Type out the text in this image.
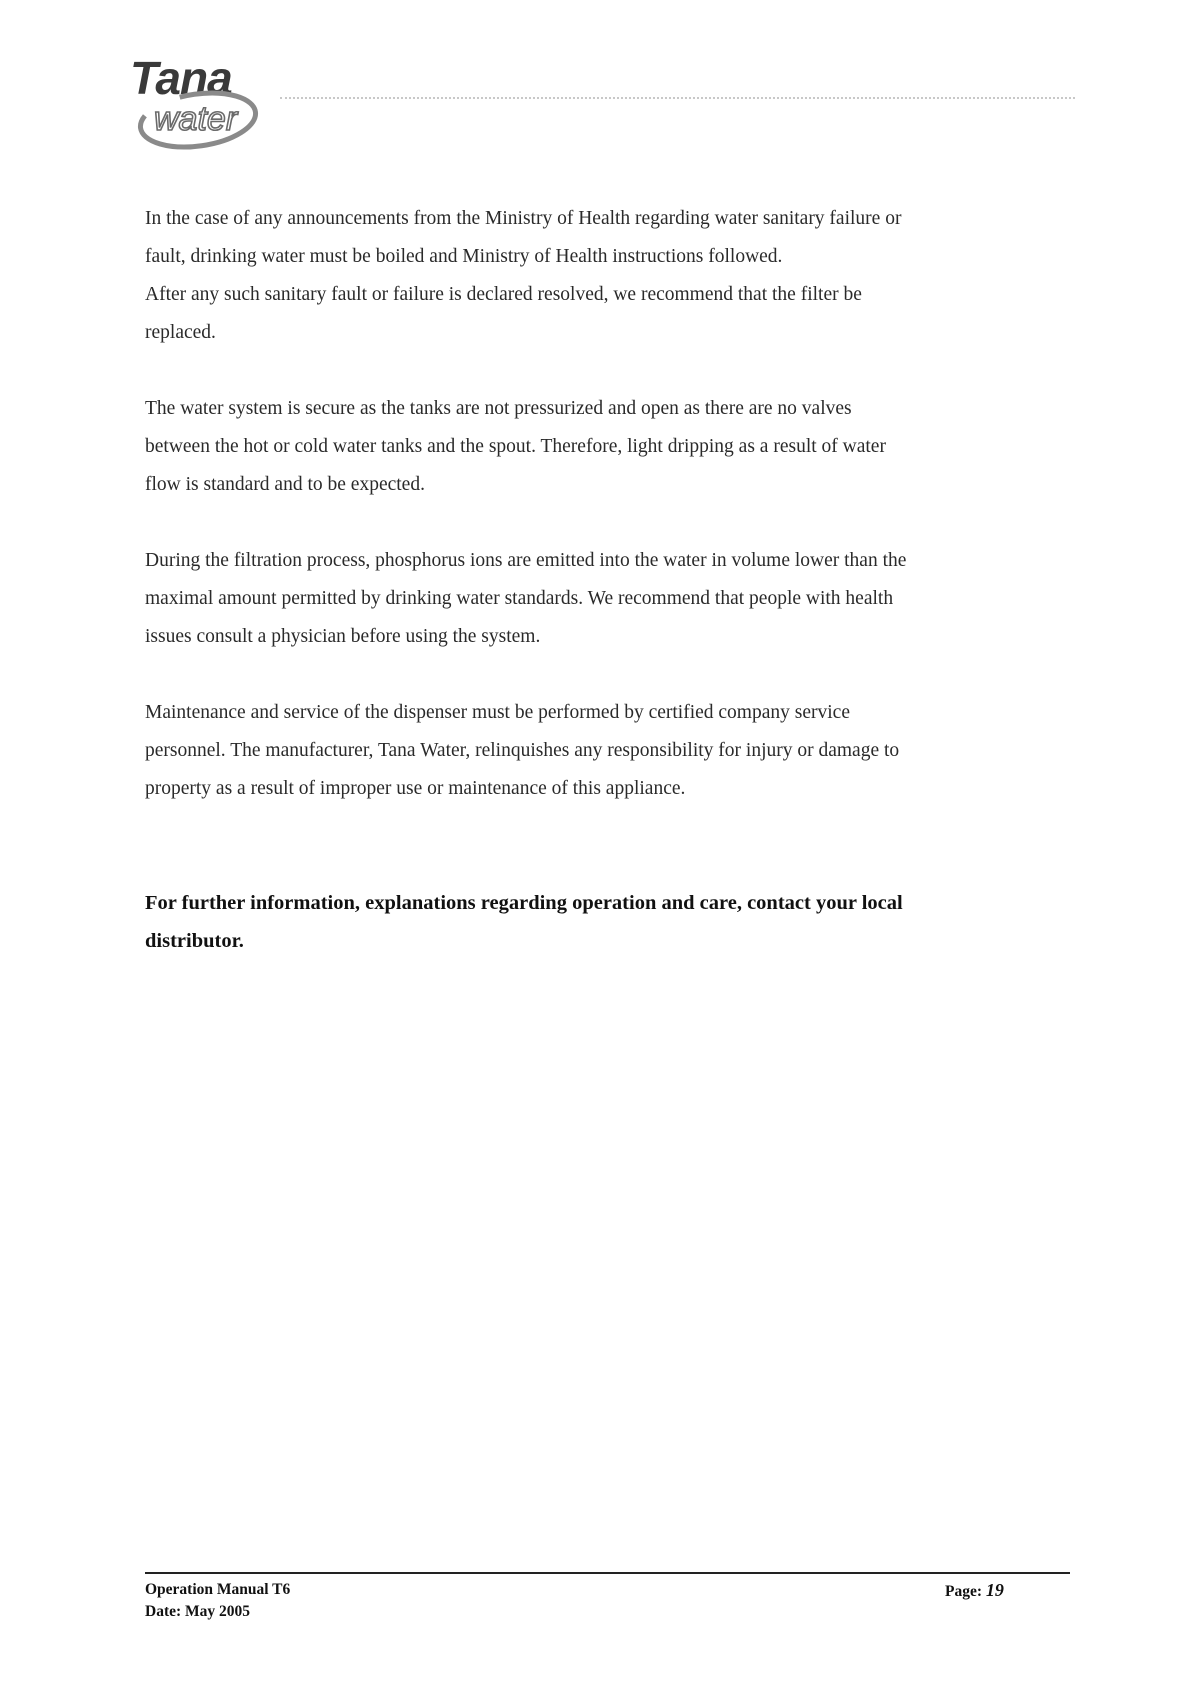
Tana
water

In the case of any announcements from the Ministry of Health regarding water sanitary failure or
fault, drinking water must be boiled and Ministry of Health instructions followed.
After any such sanitary fault or failure is declared resolved, we recommend that the filter be
replaced.

The water system is secure as the tanks are not pressurized and open as there are no valves
between the hot or cold water tanks and the spout. Therefore, light dripping as a result of water
flow is standard and to be expected.

During the filtration process, phosphorus ions are emitted into the water in volume lower than the
maximal amount permitted by drinking water standards. We recommend that people with health
issues consult a physician before using the system.

Maintenance and service of the dispenser must be performed by certified company service
personnel. The manufacturer, Tana Water, relinquishes any responsibility for injury or damage to
property as a result of improper use or maintenance of this appliance.

For further information, explanations regarding operation and care, contact your local
distributor.

Operation Manual T6
Date: May 2005
Page: 19
